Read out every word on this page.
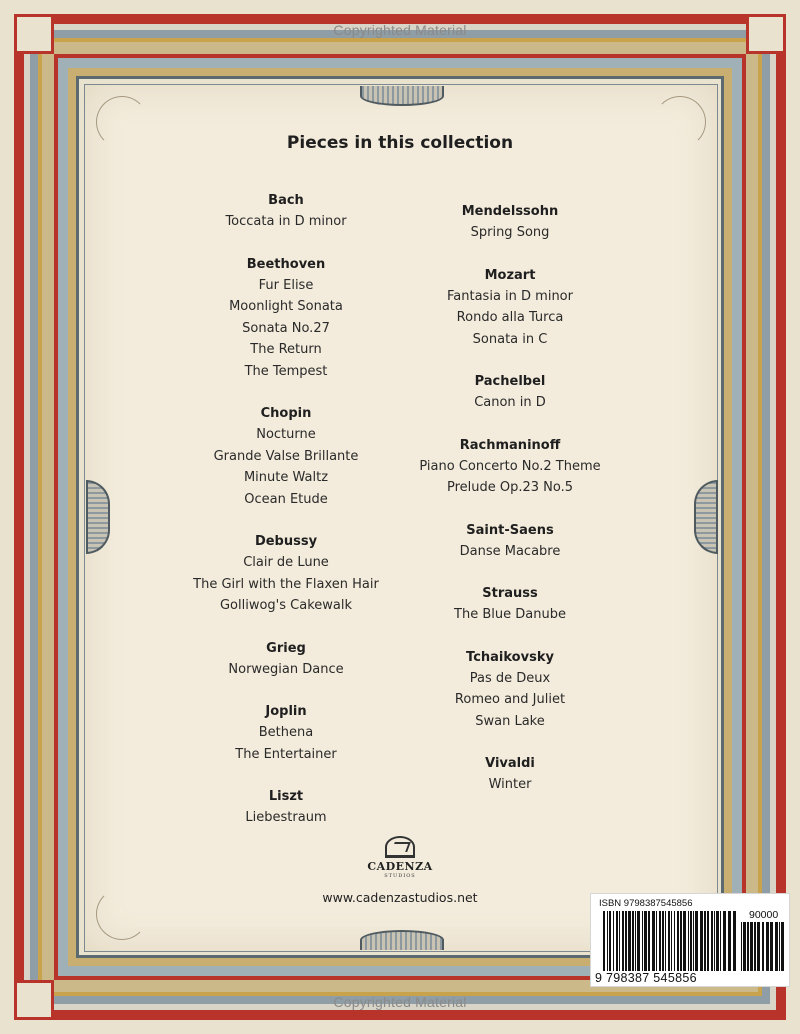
Copyrighted Material
Copyrighted Material
Pieces in this collection
Bach
Toccata in D minor
Beethoven
Fur Elise
Moonlight Sonata
Sonata No.27
The Return
The Tempest
Chopin
Nocturne
Grande Valse Brillante
Minute Waltz
Ocean Etude
Debussy
Clair de Lune
The Girl with the Flaxen Hair
Golliwog's Cakewalk
Grieg
Norwegian Dance
Joplin
Bethena
The Entertainer
Liszt
Liebestraum
Mendelssohn
Spring Song
Mozart
Fantasia in D minor
Rondo alla Turca
Sonata in C
Pachelbel
Canon in D
Rachmaninoff
Piano Concerto No.2 Theme
Prelude Op.23 No.5
Saint-Saens
Danse Macabre
Strauss
The Blue Danube
Tchaikovsky
Pas de Deux
Romeo and Juliet
Swan Lake
Vivaldi
Winter
CADENZA
STUDIOS
www.cadenzastudios.net	ISBN 9798387545856
90000
9 798387 545856
